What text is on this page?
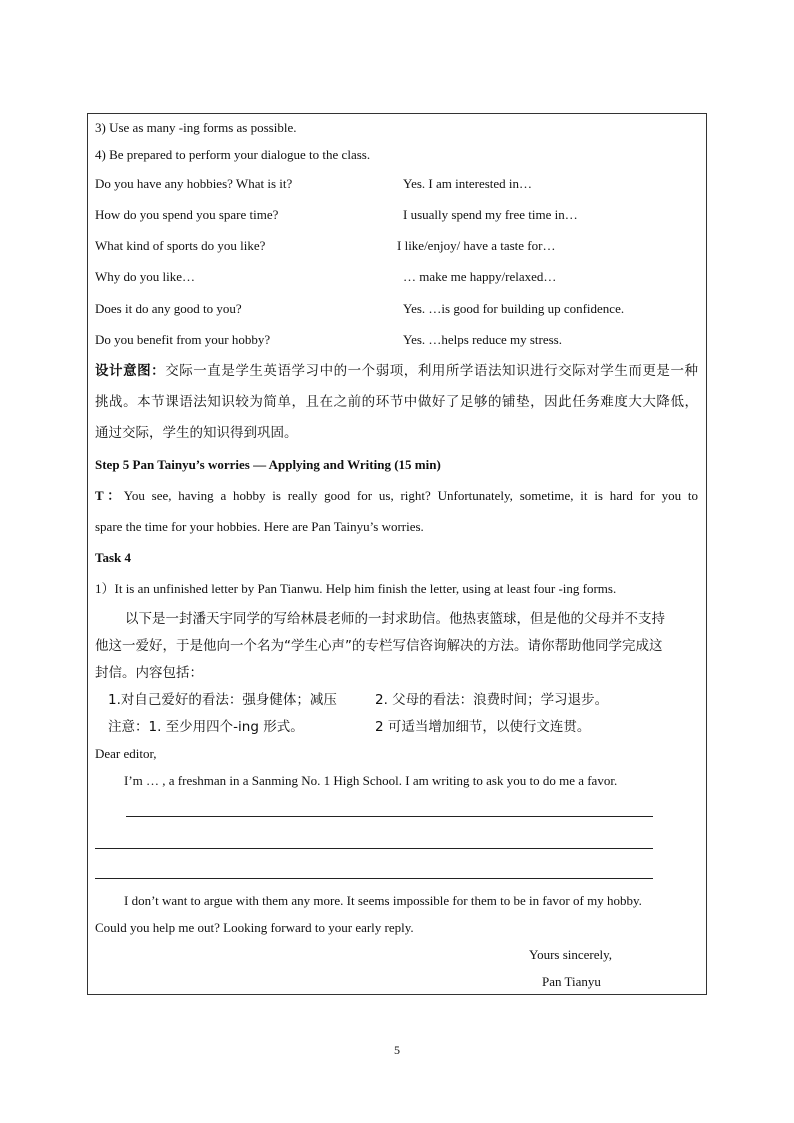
3) Use as many -ing forms as possible.
4) Be prepared to perform your dialogue to the class.
Do you have any hobbies? What is it?	Yes. I am interested in…
How do you spend you spare time?	I usually spend my free time in…
What kind of sports do you like?	I like/enjoy/ have a taste for…
Why do you like…	… make me happy/relaxed…
Does it do any good to you?	Yes. …is good for building up confidence.
Do you benefit from your hobby?	Yes. …helps reduce my stress.
设计意图：交际一直是学生英语学习中的一个弱项，利用所学语法知识进行交际对学生而更是一种
挑战。本节课语法知识较为简单，且在之前的环节中做好了足够的铺垫，因此任务难度大大降低，
通过交际，学生的知识得到巩固。
Step 5 Pan Tainyu’s worries — Applying and Writing (15 min)
T：You see, having a hobby is really good for us, right? Unfortunately, sometime, it is hard for you to
spare the time for your hobbies. Here are Pan Tainyu’s worries.
Task 4
1）It is an unfinished letter by Pan Tianwu. Help him finish the letter, using at least four -ing forms.
以下是一封潘天宇同学的写给林晨老师的一封求助信。他热衷篮球，但是他的父母并不支持
他这一爱好，于是他向一个名为“学生心声”的专栏写信咨询解决的方法。请你帮助他同学完成这
封信。内容包括：
1.对自己爱好的看法：强身健体；减压	2. 父母的看法：浪费时间；学习退步。
注意：1. 至少用四个-ing 形式。	2 可适当增加细节，以使行文连贯。
Dear editor,
I’m … , a freshman in a Sanming No. 1 High School. I am writing to ask you to do me a favor.
I don’t want to argue with them any more. It seems impossible for them to be in favor of my hobby.
Could you help me out? Looking forward to your early reply.
Yours sincerely,
Pan Tianyu
5
